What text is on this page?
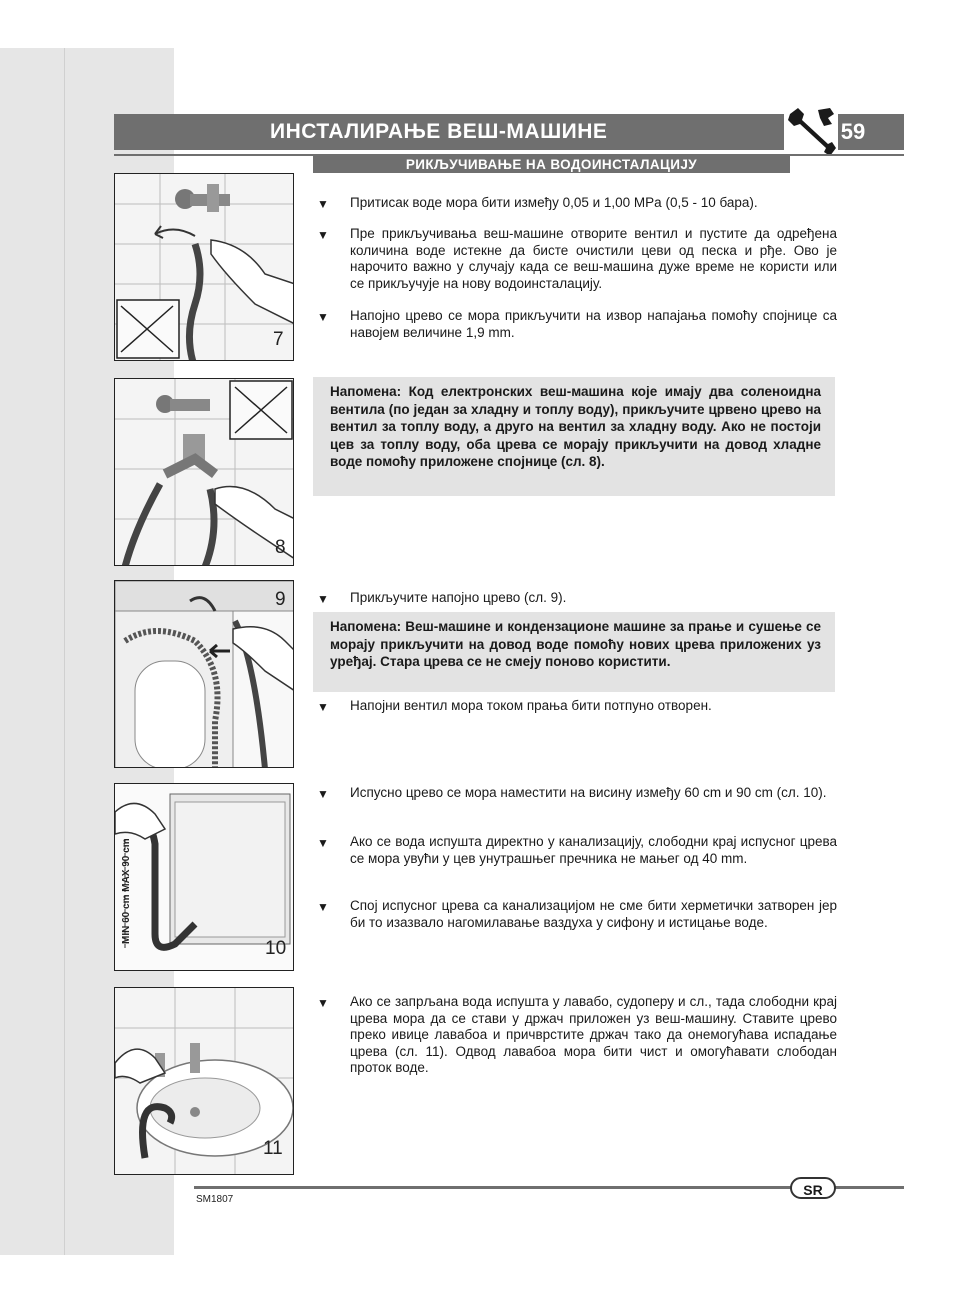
ИНСТАЛИРАЊЕ ВЕШ-МАШИНЕ	59
РИКЉУЧИВАЊЕ НА ВОДОИНСТАЛАЦИЈУ
7
8
9
MIN 60 cm MAX 90 cm
10
11
▼ Притисак воде мора бити између 0,05 и 1,00 MPa (0,5 - 10 бара).
▼ Пре прикључивања веш-машине отворите вентил и пустите да одређена количина воде истекне да бисте очистили цеви од песка и рђе. Ово је нарочито важно у случају када се веш-машина дуже време не користи или се прикључује на нову водоинсталацију.
▼ Напојно црево се мора прикључити на извор напајања помоћу спојнице са навојем величине 1,9 mm.
Напомена: Код електронских веш-машина које имају два соленоидна вентила (по један за хладну и топлу воду), прикључите црвено црево на вентил за топлу воду, а друго на вентил за хладну воду. Ако не постоји цев за топлу воду, оба црева се морају прикључити на довод хладне воде помоћу приложене спојнице (сл. 8).
▼ Прикључите напојно црево (сл. 9).
Напомена: Веш-машине и кондензационе машине за прање и сушење се морају прикључити на довод воде помоћу нових црева приложених уз уређај. Стара црева се не смеју поново користити.
▼ Напојни вентил мора током прања бити потпуно отворен.
▼ Испусно црево се мора наместити на висину између 60 cm и 90 cm (сл. 10).
▼ Ако се вода испушта директно у канализацију, слободни крај испусног црева се мора увући у цев унутрашњег пречника не мањег од 40 mm.
▼ Спој испусног црева са канализацијом не сме бити херметички затворен јер би то изазвало нагомилавање ваздуха у сифону и истицање воде.
▼ Ако се запрљана вода испушта у лавабо, судоперу и сл., тада слободни крај црева мора да се стави у држач приложен уз веш-машину. Ставите црево преко ивице лавабоа и причврстите држач тако да онемогућава испадање црева (сл. 11). Одвод лавабоа мора бити чист и омогућавати слободан проток воде.
SR
SM1807
